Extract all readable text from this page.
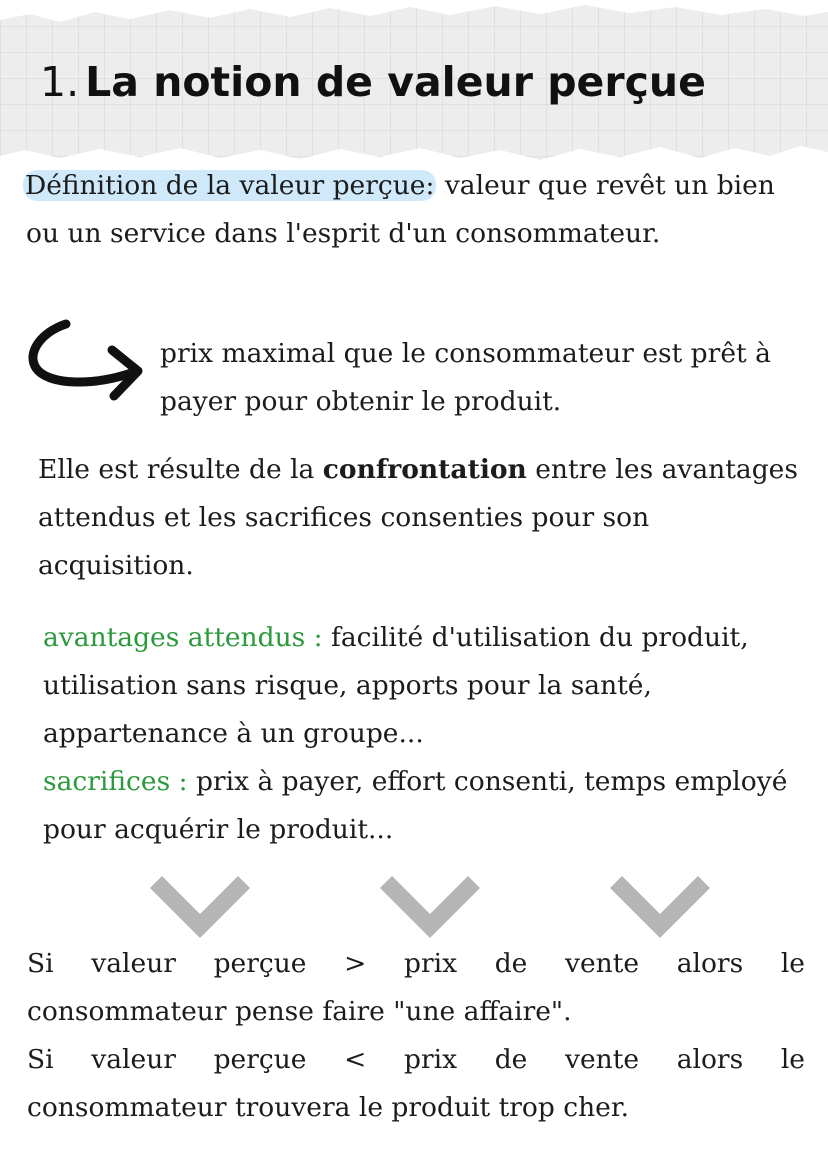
1. La notion de valeur perçue

Définition de la valeur perçue: valeur que revêt un bien ou un service dans l'esprit d'un consommateur.

prix maximal que le consommateur est prêt à payer pour obtenir le produit.

Elle est résulte de la confrontation entre les avantages attendus et les sacrifices consenties pour son acquisition.

avantages attendus : facilité d'utilisation du produit, utilisation sans risque, apports pour la santé, appartenance à un groupe...

sacrifices : prix à payer, effort consenti, temps employé pour acquérir le produit...

Si valeur perçue > prix de vente alors le
consommateur pense faire "une affaire".
Si valeur perçue < prix de vente alors le
consommateur trouvera le produit trop cher.
